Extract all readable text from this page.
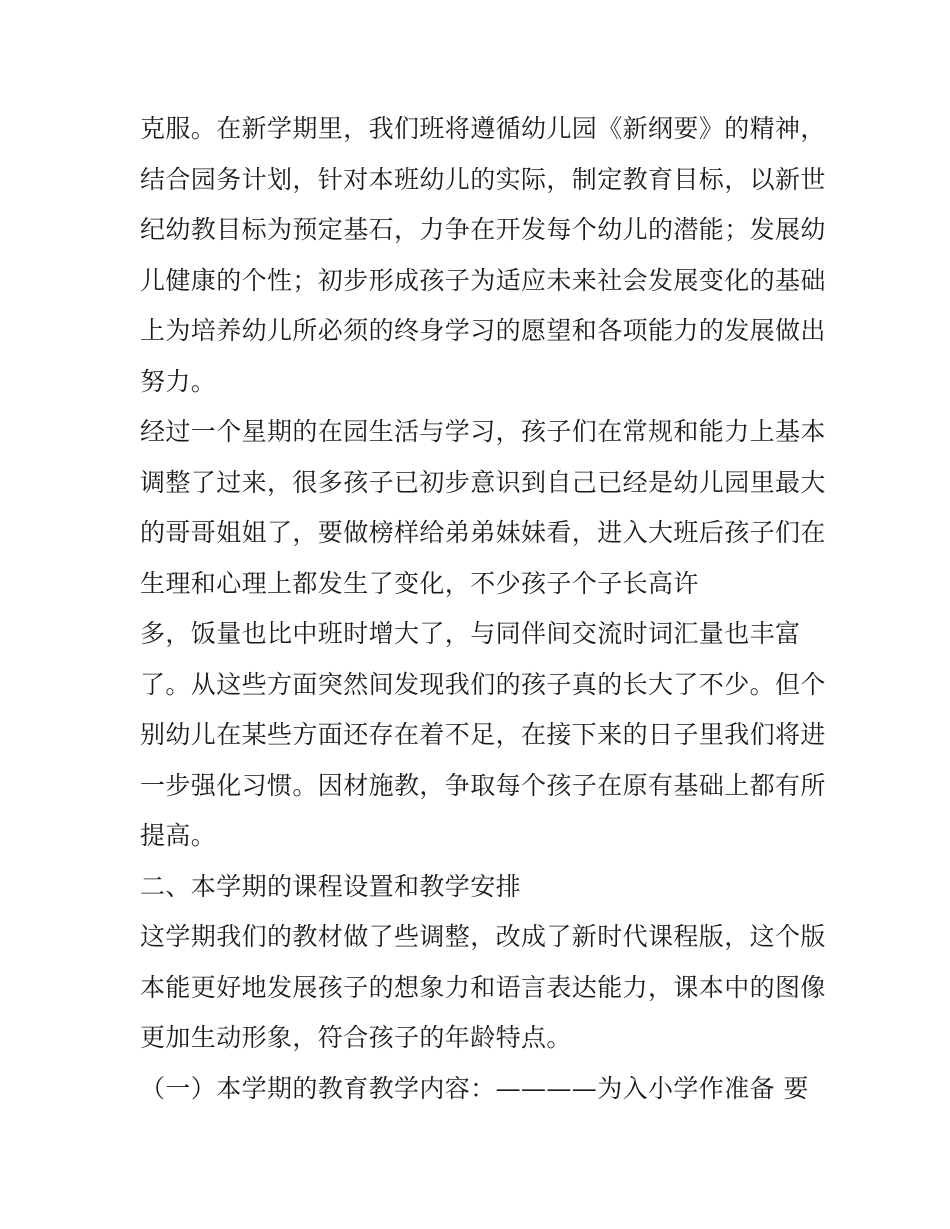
克服。在新学期里，我们班将遵循幼儿园《新纲要》的精神，
结合园务计划，针对本班幼儿的实际，制定教育目标，以新世
纪幼教目标为预定基石，力争在开发每个幼儿的潜能；发展幼
儿健康的个性；初步形成孩子为适应未来社会发展变化的基础
上为培养幼儿所必须的终身学习的愿望和各项能力的发展做出
努力。
经过一个星期的在园生活与学习，孩子们在常规和能力上基本
调整了过来，很多孩子已初步意识到自己已经是幼儿园里最大
的哥哥姐姐了，要做榜样给弟弟妹妹看，进入大班后孩子们在
生理和心理上都发生了变化，不少孩子个子长高许
多，饭量也比中班时增大了，与同伴间交流时词汇量也丰富
了。从这些方面突然间发现我们的孩子真的长大了不少。但个
别幼儿在某些方面还存在着不足，在接下来的日子里我们将进
一步强化习惯。因材施教，争取每个孩子在原有基础上都有所
提高。
二、本学期的课程设置和教学安排
这学期我们的教材做了些调整，改成了新时代课程版，这个版
本能更好地发展孩子的想象力和语言表达能力，课本中的图像
更加生动形象，符合孩子的年龄特点。
（一）本学期的教育教学内容：————为入小学作准备 要
